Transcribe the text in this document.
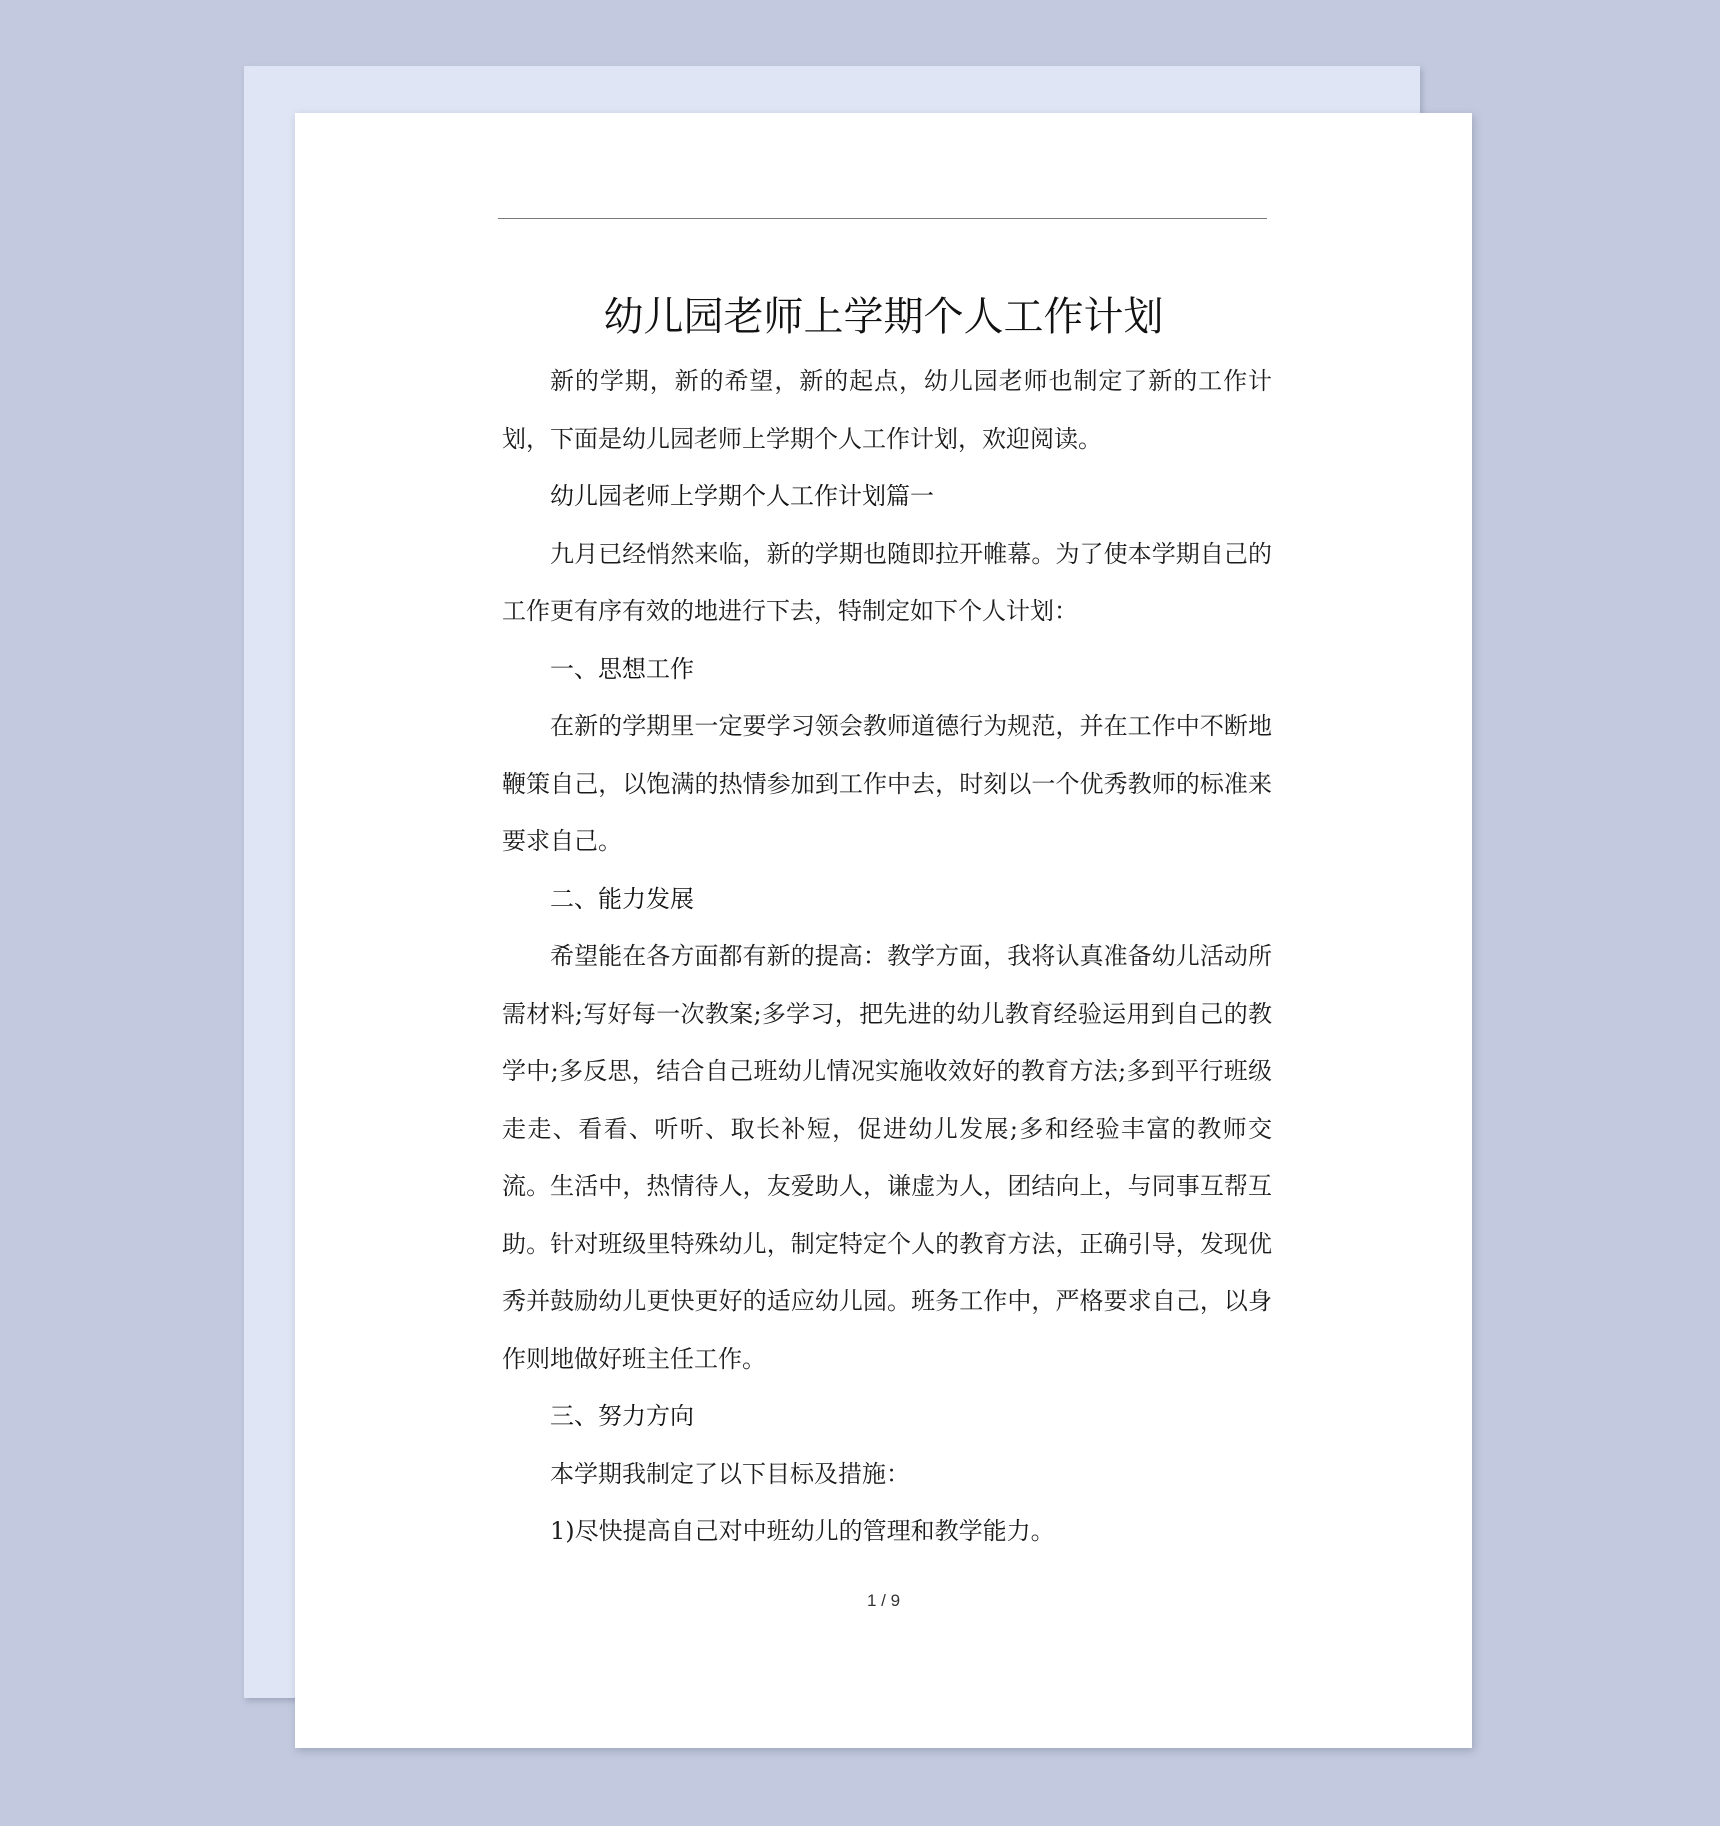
幼儿园老师上学期个人工作计划

新的学期，新的希望，新的起点，幼儿园老师也制定了新的工作计划，下面是幼儿园老师上学期个人工作计划，欢迎阅读。

幼儿园老师上学期个人工作计划篇一

九月已经悄然来临，新的学期也随即拉开帷幕。为了使本学期自己的工作更有序有效的地进行下去，特制定如下个人计划：

一、思想工作

在新的学期里一定要学习领会教师道德行为规范，并在工作中不断地鞭策自己，以饱满的热情参加到工作中去，时刻以一个优秀教师的标准来要求自己。

二、能力发展

希望能在各方面都有新的提高：教学方面，我将认真准备幼儿活动所需材料;写好每一次教案;多学习，把先进的幼儿教育经验运用到自己的教学中;多反思，结合自己班幼儿情况实施收效好的教育方法;多到平行班级走走、看看、听听、取长补短，促进幼儿发展;多和经验丰富的教师交流。生活中，热情待人，友爱助人，谦虚为人，团结向上，与同事互帮互助。针对班级里特殊幼儿，制定特定个人的教育方法，正确引导，发现优秀并鼓励幼儿更快更好的适应幼儿园。班务工作中，严格要求自己，以身作则地做好班主任工作。

三、努力方向

本学期我制定了以下目标及措施：

1)尽快提高自己对中班幼儿的管理和教学能力。

1 / 9
